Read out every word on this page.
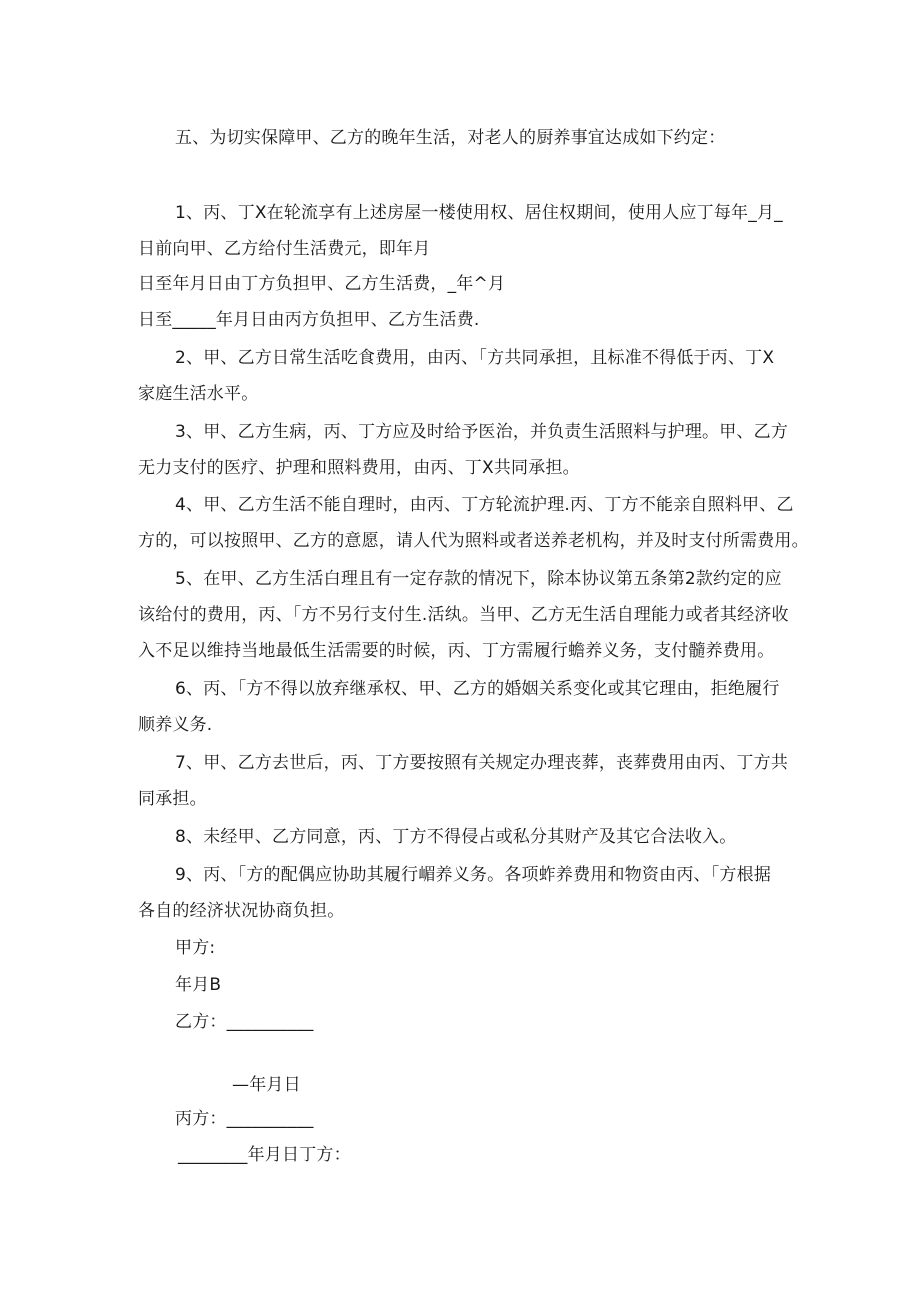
五、为切实保障甲、乙方的晚年生活，对老人的厨养事宜达成如下约定：
1、丙、丁X在轮流享有上述房屋一楼使用权、居住权期间，使用人应丁每年_月_
日前向甲、乙方给付生活费元，即年月
日至年月日由丁方负担甲、乙方生活费，_年^月
日至_____年月日由丙方负担甲、乙方生活费.
2、甲、乙方日常生活吃食费用，由丙、「方共同承担，且标准不得低于丙、丁X
家庭生活水平。
3、甲、乙方生病，丙、丁方应及时给予医治，并负责生活照料与护理。甲、乙方
无力支付的医疗、护理和照料费用，由丙、丁X共同承担。
4、甲、乙方生活不能自理时，由丙、丁方轮流护理.丙、丁方不能亲自照料甲、乙
方的，可以按照甲、乙方的意愿，请人代为照料或者送养老机构，并及时支付所需费用。
5、在甲、乙方生活白理且有一定存款的情况下，除本协议第五条第2款约定的应
该给付的费用，丙、「方不另行支付生.活纨。当甲、乙方无生活自理能力或者其经济收
入不足以维持当地最低生活需要的时候，丙、丁方需履行蟾养义务，支付髓养费用。
6、丙、「方不得以放弃继承权、甲、乙方的婚姻关系变化或其它理由，拒绝履行
顺养义务.
7、甲、乙方去世后，丙、丁方要按照有关规定办理丧葬，丧葬费用由丙、丁方共
同承担。
8、未经甲、乙方同意，丙、丁方不得侵占或私分其财产及其它合法收入。
9、丙、「方的配偶应协助其履行嵋养义务。各项蚱养费用和物资由丙、「方根据
各自的经济状况协商负担。
甲方:
年月B
乙方：__________
—年月日
丙方：__________
________年月日丁方：
